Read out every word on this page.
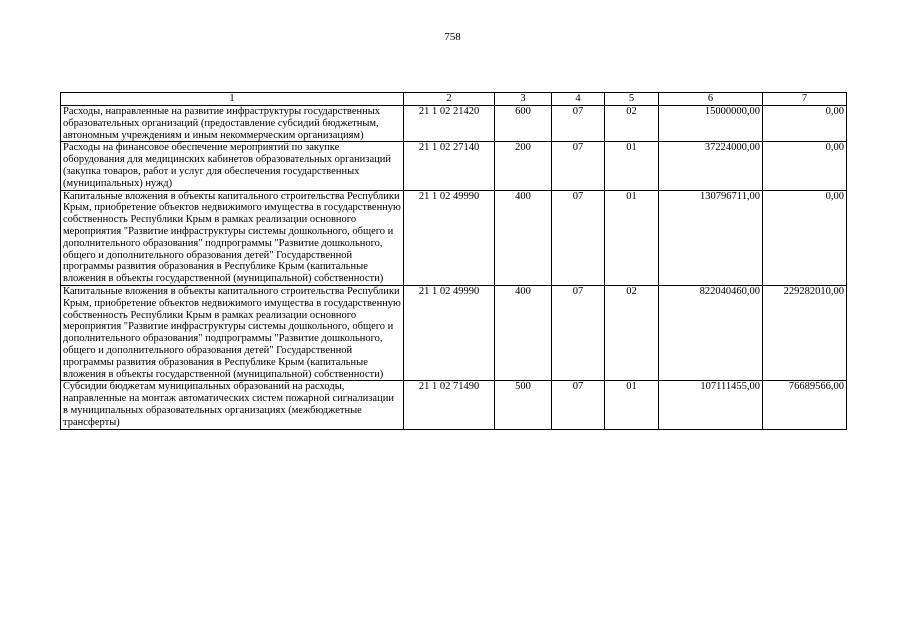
758
1	2	3	4	5	6	7
Расходы, направленные на развитие инфраструктуры государственных образовательных организаций (предоставление субсидий бюджетным, автономным учреждениям и иным некоммерческим организациям)	21 1 02 21420	600	07	02	15000000,00	0,00
Расходы на финансовое обеспечение мероприятий по закупке оборудования для медицинских кабинетов образовательных организаций (закупка товаров, работ и услуг для обеспечения государственных (муниципальных) нужд)	21 1 02 27140	200	07	01	37224000,00	0,00
Капитальные вложения в объекты капитального строительства Республики Крым, приобретение объектов недвижимого имущества в государственную собственность Республики Крым в рамках реализации основного мероприятия "Развитие инфраструктуры системы дошкольного, общего и дополнительного образования" подпрограммы "Развитие дошкольного, общего и дополнительного образования детей" Государственной программы развития образования в Республике Крым (капитальные вложения в объекты государственной (муниципальной) собственности)	21 1 02 49990	400	07	01	130796711,00	0,00
Капитальные вложения в объекты капитального строительства Республики Крым, приобретение объектов недвижимого имущества в государственную собственность Республики Крым в рамках реализации основного мероприятия "Развитие инфраструктуры системы дошкольного, общего и дополнительного образования" подпрограммы "Развитие дошкольного, общего и дополнительного образования детей" Государственной программы развития образования в Республике Крым (капитальные вложения в объекты государственной (муниципальной) собственности)	21 1 02 49990	400	07	02	822040460,00	229282010,00
Субсидии бюджетам муниципальных образований на расходы, направленные на монтаж автоматических систем пожарной сигнализации в муниципальных образовательных организациях (межбюджетные трансферты)	21 1 02 71490	500	07	01	107111455,00	76689566,00
